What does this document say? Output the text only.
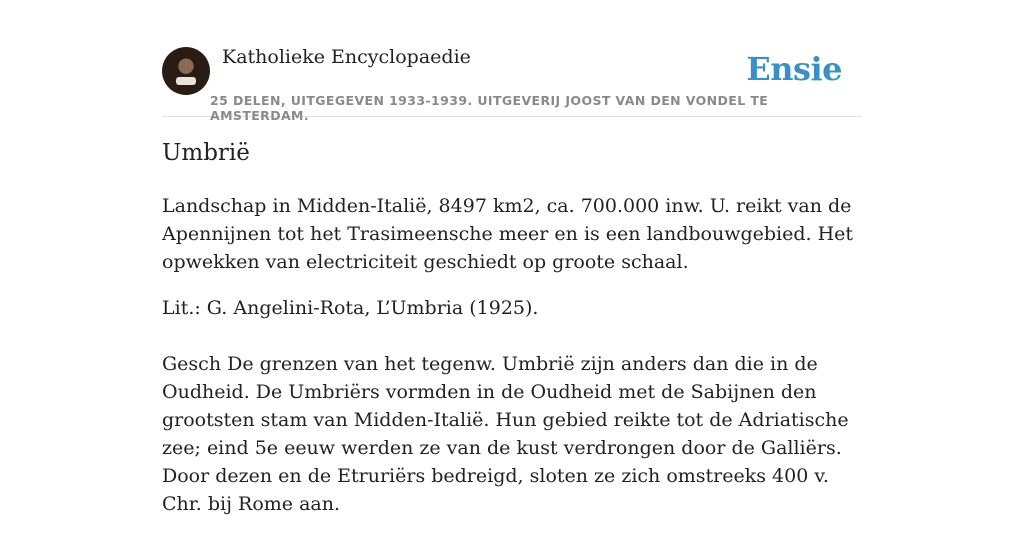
Katholieke Encyclopaedie
25 DELEN, UITGEGEVEN 1933-1939. UITGEVERIJ JOOST VAN DEN VONDEL TE AMSTERDAM.
Ensie
Umbrië

Landschap in Midden-Italië, 8497 km2, ca. 700.000 inw. U. reikt van de Apennijnen tot het Trasimeensche meer en is een landbouwgebied. Het opwekken van electriciteit geschiedt op groote schaal.

Lit.: G. Angelini-Rota, L’Umbria (1925).

Gesch De grenzen van het tegenw. Umbrië zijn anders dan die in de Oudheid. De Umbriërs vormden in de Oudheid met de Sabijnen den grootsten stam van Midden-Italië. Hun gebied reikte tot de Adriatische zee; eind 5e eeuw werden ze van de kust verdrongen door de Galliërs. Door dezen en de Etruriërs bedreigd, sloten ze zich omstreeks 400 v. Chr. bij Rome aan.
